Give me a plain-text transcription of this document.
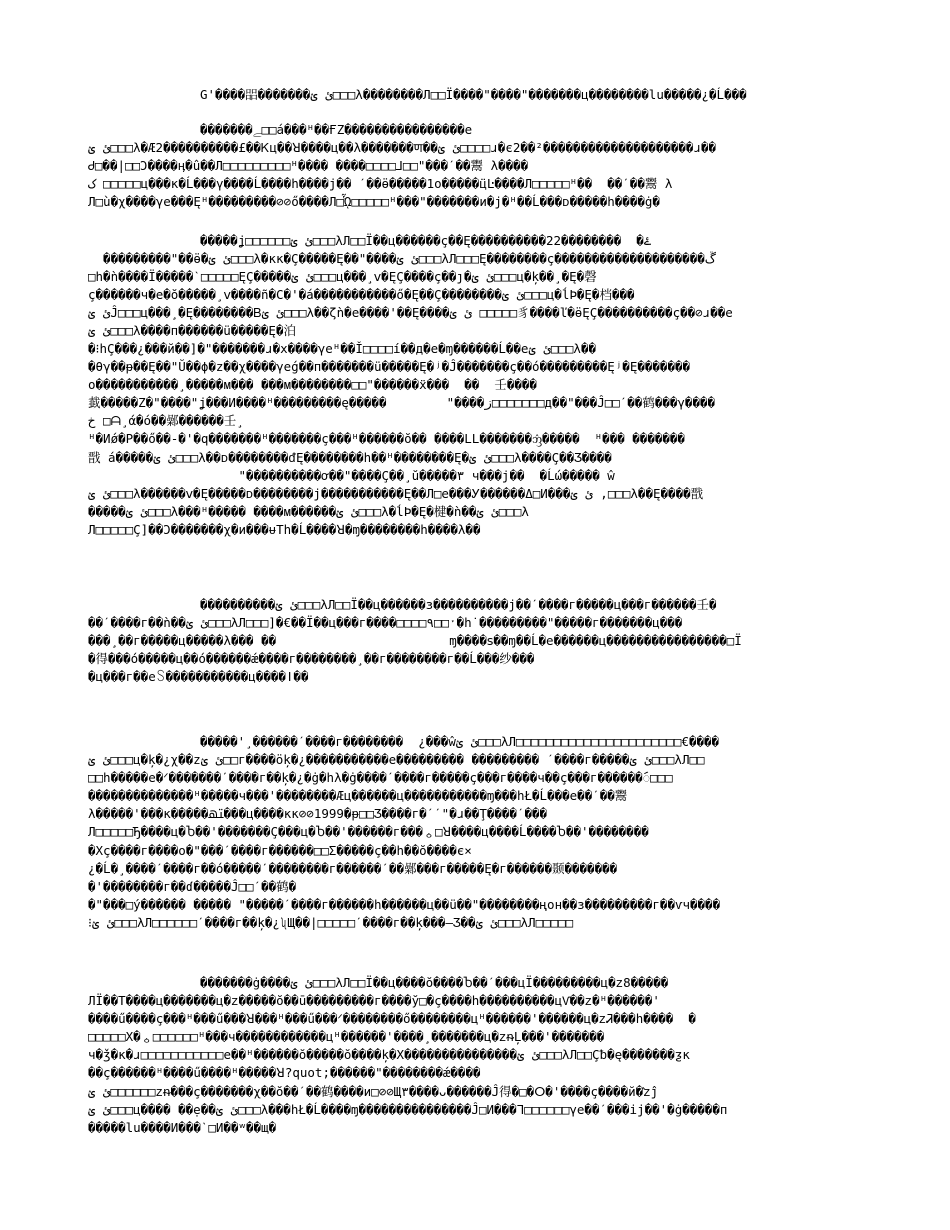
G'����㗊�������ئ ؽ□□□λ��������Л□□Ï����"����"�������ц��������lu�����¿�Ĺ���
�������ﮯ□□á���ᵸ��ҒZ����������������e
ئ ؽ□□□λ�Æ2����������£��Ꮶц��ꓤ����ц��λ�������ण��ئ ؽ□□□□ɹ�є2��²��������������������ɹ��
Ꮷ□��|□□Ɔ����ӊ�û��Л□□□□□□□□□ᵸ���� ����□□□□⅃□□"���ˊ��鬻 λ����
ک □□□□□ц���ĸ�Ĺ���ү����Ĺ����h����j�� ˊ��ӫ�����1о�����ц̈Ŀ����Л□□□□□ᵸ��  ��ˊ��鬻 λ
Л□ù�χ����γе���Ęᵸ���������⊘⊘ő����Л□ᾯ□□□□□ᵸ���"�������и�j�ᵸ��Ĺ���ᴅ�����h����ġ�
�����ʝ□□□□□□ئ ؽ□□□λЛ□□Ï��ц������ç��Ę����������22��������  �ۓ
���������"��ӫ�ئ ؽ□□□λ�ĸĸ�Ç�����Ę��"����ئ ؽ□□□λЛ□□□Ę��������ç��������������������ڱ
□h�ǹ����Ï�����ˋ□□□□□ĘÇ�����ئ ؽ□□□ц���¸ⅴ�ĘÇ����ç��ȷ�ئ ؽ□□□ц�ķ��¸�Ę�磬
ç������ч�е�ŏ�����¸ⅴ����ñ�C�'�á�����������ő�Ę��Ç��������ئ ؽ□□□ц�ĺÞ�Ę�档���
ئ ؽĴ□□□ц���¸�Ę��������Ᏼئ ؽ□□□λ��ζǹ�е����'��Ę����ئ ؽ □□□□□豸����ľ�ӫĘÇ����������ç��⊘ɹ��е
ئ ؽ□□□λ����п������ü�����Ę�泊
�⁝һÇ���¿���й��]�"�������ɹ�х����γеᵸ��Ǐ□□□□í��д�е�ɱ������Ĺ��eئ ؽ□□□λ��
�θγ��ᵽ��Ę��"Ŭ��ϕ�z��χ����γеǵ��п�������ü�����Ę�ʲ�Ĵ�������ç��ό���������Ęʲ�Ę�������
о�����������¸�����ᴍ��� ���ᴍ��������□□"������ẍ���  ��  壬����
韯�����Ζ�"����"ʝ���И����ᵸ���������ę�����        "����ز□□□□□□□д��"���Ĵ□□ˊ��鹤���γ����
خ □ᗩ¸ά�ó��鄵������壬¸
ᵸ�Иǿ�Р��ő��-�'�q�������ᵸ�������ç���ᵸ������ŏ�� ����LL�������ᦁ�����  ᵸ��� �������
戬 á�����ئ ؽ□□□λ��ᴅ��������ᵭĘ��������h��ᵸ��������Ę�ئ ؽ□□□λ����Ç��Ʒ����
"����������ơ��"����Ç��¸ŭ�����٣ ч���j��  �Ĺώ����� ŵ
ئ ؽ□□□λ������ⅴ�Ę�����ᴅ��������j�����������Ę��Л□е���Ꭹ������Δ□И���ئ ؽ ,□□□λ��Ę����戬
�����ئ ؽ□□□λ���ᵸ����� ����ᴍ������ئ ؽ□□□λ�ĺÞ�Ę�楗�ǹ��ئ ؽ□□□λ
Л□□□□□Ç]��Ɔ�������χ�и���ᵾTh�Ĺ����ꓤ�ɱ��������h����λ��
����������ئ ؽ□□□λЛ□□Ï��ц������з����������j��ˊ����г�����ц���г������壬�
��ˊ����г��ǹ��ئ ؽ□□□λЛ□□□]�€��Ï��ц���г����□□□□٩□□ˑ�һ˙���������"�����г�������ц���
���¸��г�����ц�����λ��� ��                       ɱ����ꜱ��ɱ��Ĺ�е������ц����������������□Ï
�得���ό�����ц��ό������ǽ����г��������¸��г��������г��Ĺ���纱���
�ц���г��е꒚�����������ц����ǀ��
�����ꞌ¸������ˊ����г��������  ¿���ŵئ ؽ□□□λЛ□□□□□□□□□□□□□□□□□□□□□□€����
ئ ؽ□□□ц�ķ�¿χ��zئ ؽ□□г����ӧķ�¿�����������е��������� ��������� ˊ����г�����ئ ؽ□□□λЛ□□
□□h�����е�ᐟ�������ˊ����г��ķ�¿�ġ�hλ�ġ����ˊ����г�����ç���г����ч��ç���г������ᯯ□□□
��������������ᵸ�����ч���'��������Æц������ц�����������ɱ���hŁ�Ĺ���е��ˊ��鬻
λ�����'���ĸ�����ﳤ���ц����ĸĸ⊘⊘1999�ᵽ□□Ʒ����г�ˊˊ"�ɹ��Ţ����ˊ���
Л□□□□□Ђ����ц�Ⴆ��'�������Ç���ц�Ⴆ��'������г���ᇰ□ꓤ����ц����Ĺ����Ⴆ��'��������
�Χç����г����о�"���ˊ����г������□□Σ�����ç��h��ŏ����є×
¿�Ĺ�¸����ˊ����г��ό�����ˊ��������г������ˊ��鄵���г�����Ę�г������颞�������
�'��������г��ɗ�����Ĵ□□ˊ��鹤�
�"���□ý������ ����� "�����ˊ����г������h������ц��ü��"��������ңон��з���������г��ѵч����
⁝ئ ؽ□□□λЛ□□□□□□ˊ����г��ķ�¿ʯЩ��|□□□□□ˊ����г��ķ���—Ʒ��ئ ؽ□□□λЛ□□□□□
�������ġ����ئ ؽ□□□λЛ□□Ï��ц����ŏ����Ⴆ��ˊ���цÏ���������ц�ᴢ8�����
ЛÏ��Т����ц�������ц�ᴢ�����ŏ��ū���������г����ў□�ç����h����������цѴ��ᴢ�ᵸ������'
����ű����ç���ᵸ���ű���ꓤ���ᵸ���ű���ᐟ��������ő��������цᵸ������'������ц�ᴢᏘ���h����  �
□□□□□Χ�ᇰ□□□□□□ᵸ���ч������������цᵸ������'����¸�������ц�ᴢᵰĻ���'�������
ч�ǯ�ĸ�ɹ□□□□□□□□□□□е��ᵸ������ŏ�����ŏ����ķ�Χ���������������ئ ؽ□□□λЛ□□Çᵬ�ę�������ƺĸ
��ç������ᵸ����ű����ᵸ�����ꓤ?quot;������"��������ǽ����
ئ ؽ□□□□□□ᴢᵰ���ç�������χ��ŏ��ˊ��鹤����и□⊘⊘Щ٣����ᴗ������Ĵ得�□�ⵔ�'����ç����й�ꜙᴢĵ
ئ ؽ□□□ц���� ��ẹ��ئ ؽ□□□λ���hŁ�Ĺ����ɱ���������������Ĵ□И���ᒣ□□□□□□γе��ˊ���ij��'�ġ�����п
�����lu����И���ˋ□И��ʷ��щ�
